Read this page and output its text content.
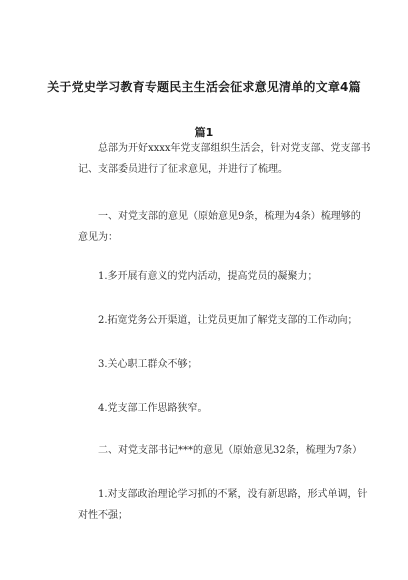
关于党史学习教育专题民主生活会征求意见清单的文章4篇
篇1
　　总部为开好xxxx年党支部组织生活会，针对党支部、党支部书
记、支部委员进行了征求意见，并进行了梳理。
　　一、对党支部的意见（原始意见9条，梳理为4条）梳理够的
意见为：
　　1.多开展有意义的党内活动，提高党员的凝聚力；
　　2.拓宽党务公开渠道，让党员更加了解党支部的工作动向；
　　3.关心职工群众不够；
　　4.党支部工作思路狭窄。
　　二、对党支部书记***的意见（原始意见32条，梳理为7条）
　　1.对支部政治理论学习抓的不紧，没有新思路，形式单调，针
对性不强；
